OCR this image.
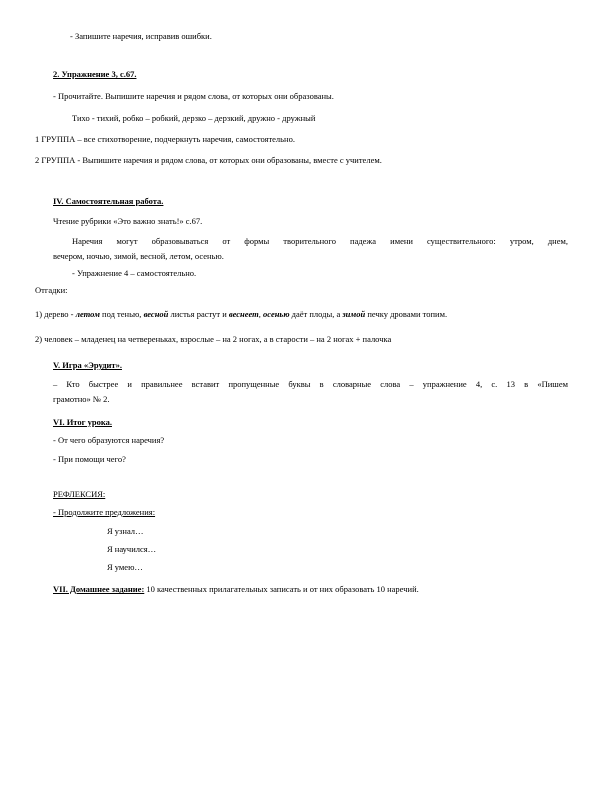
- Запишите наречия, исправив ошибки.
2. Упражнение 3, с.67.
- Прочитайте. Выпишите наречия и рядом слова, от которых они образованы.
Тихо - тихий, робко – робкий, дерзко – дерзкий, дружно - дружный
1 ГРУППА – все стихотворение, подчеркнуть наречия, самостоятельно.
2 ГРУППА - Выпишите наречия и рядом слова, от которых они образованы, вместе с учителем.
IV. Самостоятельная работа.
Чтение рубрики «Это важно знать!» с.67.
Наречия могут образовываться от формы творительного падежа имени существительного: утром, днем,
вечером, ночью, зимой, весной, летом, осенью.
- Упражнение 4 – самостоятельно.
Отгадки:
1) дерево - летом под тенью, весной листья растут и веснеет, осенью даёт плоды, а зимой печку дровами топим.
2) человек – младенец на четвереньках, взрослые – на 2 ногах, а в старости – на 2 ногах + палочка
V. Игра «Эрудит».
– Кто быстрее и правильнее вставит пропущенные буквы в словарные слова – упражнение 4, с. 13 в «Пишем
грамотно» № 2.
VI. Итог урока.
- От чего образуются наречия?
- При помощи чего?
РЕФЛЕКСИЯ:
- Продолжите предложения:
Я узнал…
Я научился…
Я умею…
VII. Домашнее задание: 10 качественных прилагательных записать и от них образовать 10 наречий.
